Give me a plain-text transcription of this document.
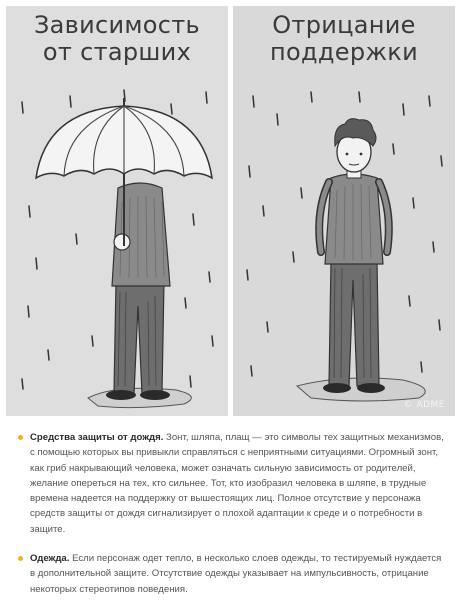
Зависимость
от старших
Отрицание
поддержки
© ADME
Средства защиты от дождя. Зонт, шляпа, плащ — это символы тех защитных механизмов, с помощью которых вы привыкли справляться с неприятными ситуациями. Огромный зонт, как гриб накрывающий человека, может означать сильную зависимость от родителей, желание опереться на тех, кто сильнее. Тот, кто изобразил человека в шляпе, в трудные времена надеется на поддержку от вышестоящих лиц. Полное отсутствие у персонажа средств защиты от дождя сигнализирует о плохой адаптации к среде и о потребности в защите.
Одежда. Если персонаж одет тепло, в несколько слоев одежды, то тестируемый нуждается в дополнительной защите. Отсутствие одежды указывает на импульсивность, отрицание некоторых стереотипов поведения.
